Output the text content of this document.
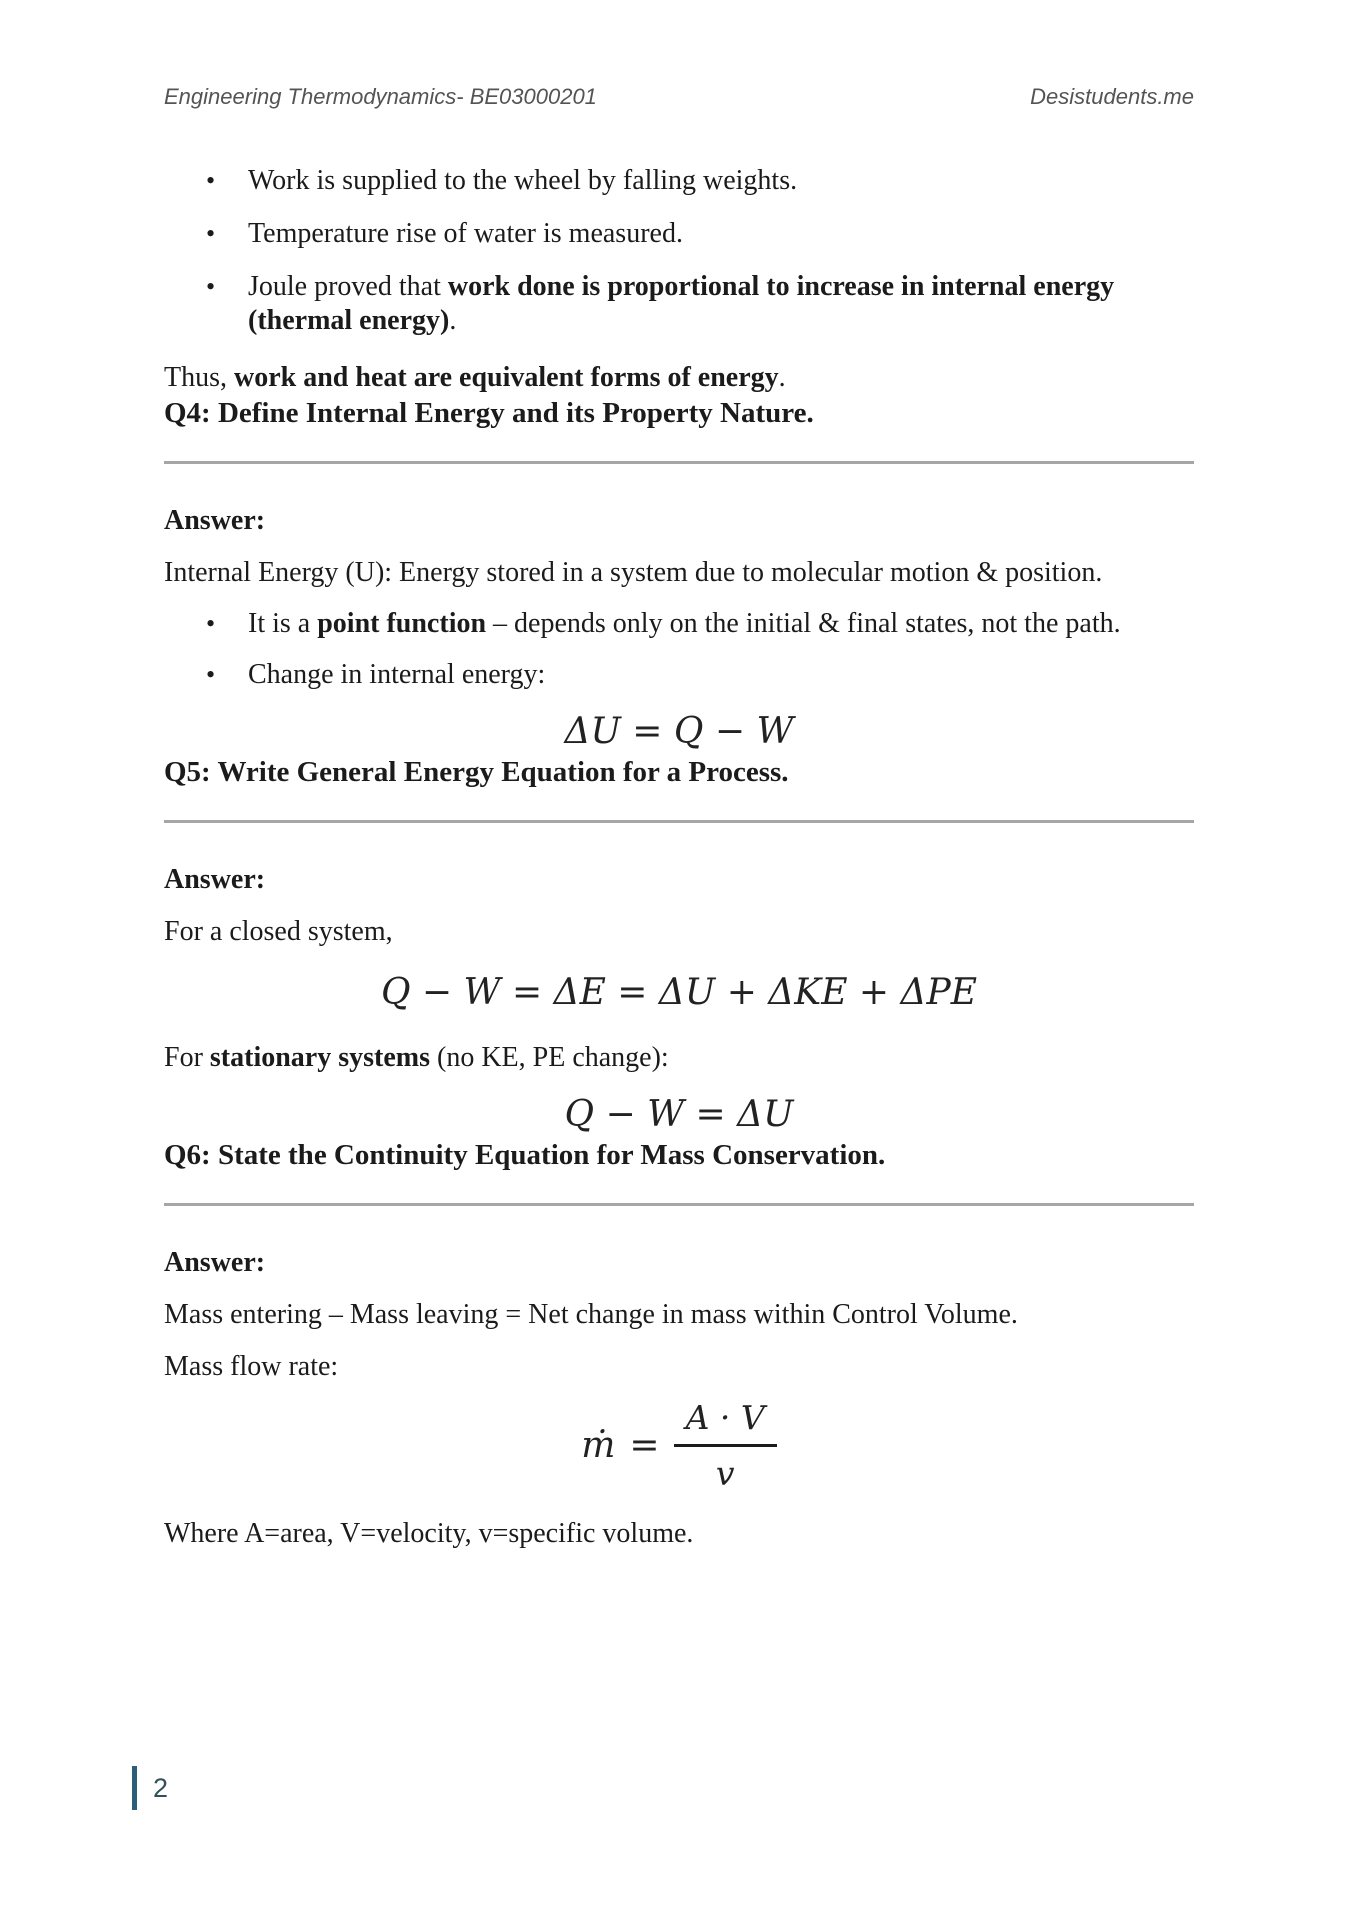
Engineering Thermodynamics- BE03000201	Desistudents.me
• Work is supplied to the wheel by falling weights.
• Temperature rise of water is measured.
• Joule proved that work done is proportional to increase in internal energy (thermal energy).

Thus, work and heat are equivalent forms of energy.

Q4: Define Internal Energy and its Property Nature.

Answer:

Internal Energy (U): Energy stored in a system due to molecular motion & position.

• It is a point function – depends only on the initial & final states, not the path.
• Change in internal energy:
ΔU = Q − W
Q5: Write General Energy Equation for a Process.

Answer:

For a closed system,

Q − W = ΔE = ΔU + ΔKE + ΔPE

For stationary systems (no KE, PE change):

Q − W = ΔU
Q6: State the Continuity Equation for Mass Conservation.

Answer:

Mass entering – Mass leaving = Net change in mass within Control Volume.

Mass flow rate:

ṁ = $\frac{A \cdot V}{v}$

Where A=area, V=velocity, v=specific volume.

2
